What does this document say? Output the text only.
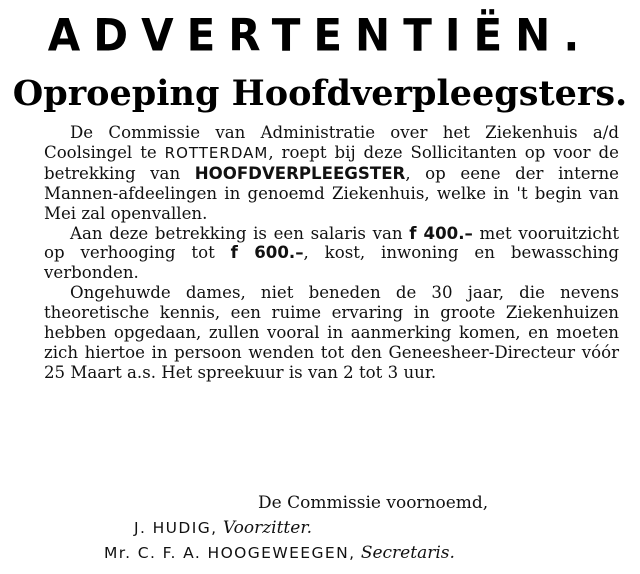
ADVERTENTIËN.
Oproeping Hoofdverpleegsters.

De Commissie van Administratie over het Ziekenhuis a/d Coolsingel te ROTTERDAM, roept bij deze Sollicitanten op voor de betrekking van HOOFDVERPLEEGSTER, op eene der interne Mannen-afdeelingen in genoemd Ziekenhuis, welke in 't begin van Mei zal openvallen.

Aan deze betrekking is een salaris van f 400.– met vooruitzicht op verhooging tot f 600.–, kost, inwoning en bewassching verbonden.

Ongehuwde dames, niet beneden de 30 jaar, die nevens theoretische kennis, een ruime ervaring in groote Ziekenhuizen hebben opgedaan, zullen vooral in aanmerking komen, en moeten zich hiertoe in persoon wenden tot den Geneesheer-Directeur vóór 25 Maart a.s. Het spreekuur is van 2 tot 3 uur.

De Commissie voornoemd,
J. HUDIG, Voorzitter.
Mr. C. F. A. HOOGEWEEGEN, Secretaris.
